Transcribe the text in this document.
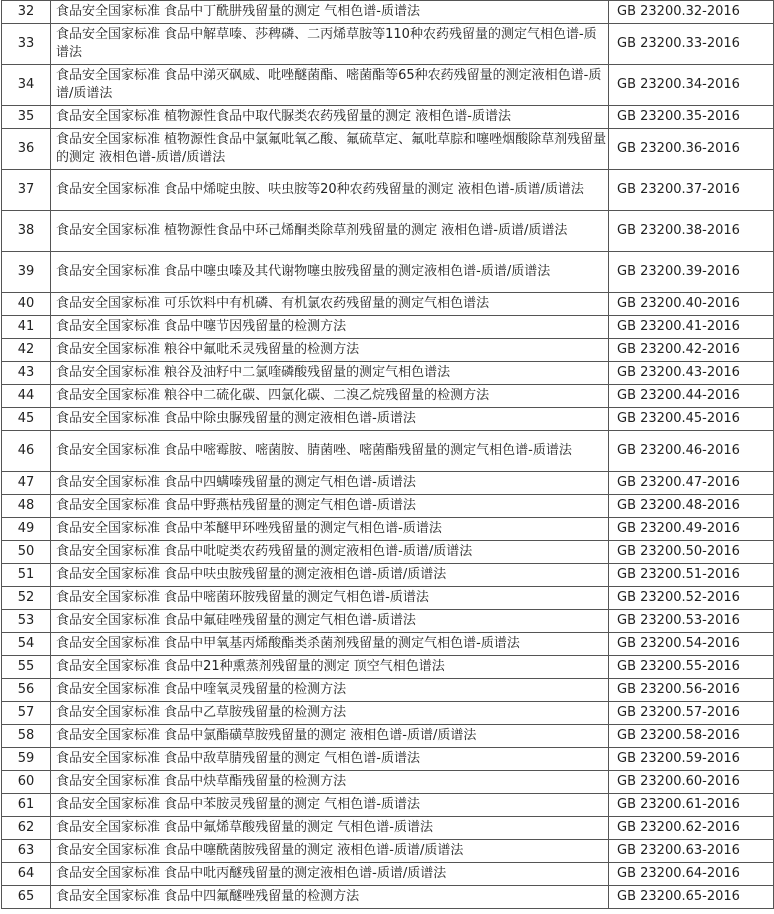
32	食品安全国家标准 食品中丁酰肼残留量的测定 气相色谱-质谱法	GB 23200.32-2016
33	食品安全国家标准 食品中解草嗪、莎稗磷、二丙烯草胺等110种农药残留量的测定气相色谱-质谱法	GB 23200.33-2016
34	食品安全国家标准 食品中涕灭砜威、吡唑醚菌酯、嘧菌酯等65种农药残留量的测定液相色谱-质谱/质谱法	GB 23200.34-2016
35	食品安全国家标准 植物源性食品中取代脲类农药残留量的测定 液相色谱-质谱法	GB 23200.35-2016
36	食品安全国家标准 植物源性食品中氯氟吡氧乙酸、氟硫草定、氟吡草腙和噻唑烟酸除草剂残留量的测定 液相色谱-质谱/质谱法	GB 23200.36-2016
37	食品安全国家标准 食品中烯啶虫胺、呋虫胺等20种农药残留量的测定 液相色谱-质谱/质谱法	GB 23200.37-2016
38	食品安全国家标准 植物源性食品中环己烯酮类除草剂残留量的测定 液相色谱-质谱/质谱法	GB 23200.38-2016
39	食品安全国家标准 食品中噻虫嗪及其代谢物噻虫胺残留量的测定液相色谱-质谱/质谱法	GB 23200.39-2016
40	食品安全国家标准 可乐饮料中有机磷、有机氯农药残留量的测定气相色谱法	GB 23200.40-2016
41	食品安全国家标准 食品中噻节因残留量的检测方法	GB 23200.41-2016
42	食品安全国家标准 粮谷中氟吡禾灵残留量的检测方法	GB 23200.42-2016
43	食品安全国家标准 粮谷及油籽中二氯喹磷酸残留量的测定气相色谱法	GB 23200.43-2016
44	食品安全国家标准 粮谷中二硫化碳、四氯化碳、二溴乙烷残留量的检测方法	GB 23200.44-2016
45	食品安全国家标准 食品中除虫脲残留量的测定液相色谱-质谱法	GB 23200.45-2016
46	食品安全国家标准 食品中嘧霉胺、嘧菌胺、腈菌唑、嘧菌酯残留量的测定气相色谱-质谱法	GB 23200.46-2016
47	食品安全国家标准 食品中四螨嗪残留量的测定气相色谱-质谱法	GB 23200.47-2016
48	食品安全国家标准 食品中野燕枯残留量的测定气相色谱-质谱法	GB 23200.48-2016
49	食品安全国家标准 食品中苯醚甲环唑残留量的测定气相色谱-质谱法	GB 23200.49-2016
50	食品安全国家标准 食品中吡啶类农药残留量的测定液相色谱-质谱/质谱法	GB 23200.50-2016
51	食品安全国家标准 食品中呋虫胺残留量的测定液相色谱-质谱/质谱法	GB 23200.51-2016
52	食品安全国家标准 食品中嘧菌环胺残留量的测定气相色谱-质谱法	GB 23200.52-2016
53	食品安全国家标准 食品中氟硅唑残留量的测定气相色谱-质谱法	GB 23200.53-2016
54	食品安全国家标准 食品中甲氧基丙烯酸酯类杀菌剂残留量的测定气相色谱-质谱法	GB 23200.54-2016
55	食品安全国家标准 食品中21种熏蒸剂残留量的测定 顶空气相色谱法	GB 23200.55-2016
56	食品安全国家标准 食品中喹氧灵残留量的检测方法	GB 23200.56-2016
57	食品安全国家标准 食品中乙草胺残留量的检测方法	GB 23200.57-2016
58	食品安全国家标准 食品中氯酯磺草胺残留量的测定 液相色谱-质谱/质谱法	GB 23200.58-2016
59	食品安全国家标准 食品中敌草腈残留量的测定 气相色谱-质谱法	GB 23200.59-2016
60	食品安全国家标准 食品中炔草酯残留量的检测方法	GB 23200.60-2016
61	食品安全国家标准 食品中苯胺灵残留量的测定 气相色谱-质谱法	GB 23200.61-2016
62	食品安全国家标准 食品中氟烯草酸残留量的测定 气相色谱-质谱法	GB 23200.62-2016
63	食品安全国家标准 食品中噻酰菌胺残留量的测定 液相色谱-质谱/质谱法	GB 23200.63-2016
64	食品安全国家标准 食品中吡丙醚残留量的测定液相色谱-质谱/质谱法	GB 23200.64-2016
65	食品安全国家标准 食品中四氟醚唑残留量的检测方法	GB 23200.65-2016
